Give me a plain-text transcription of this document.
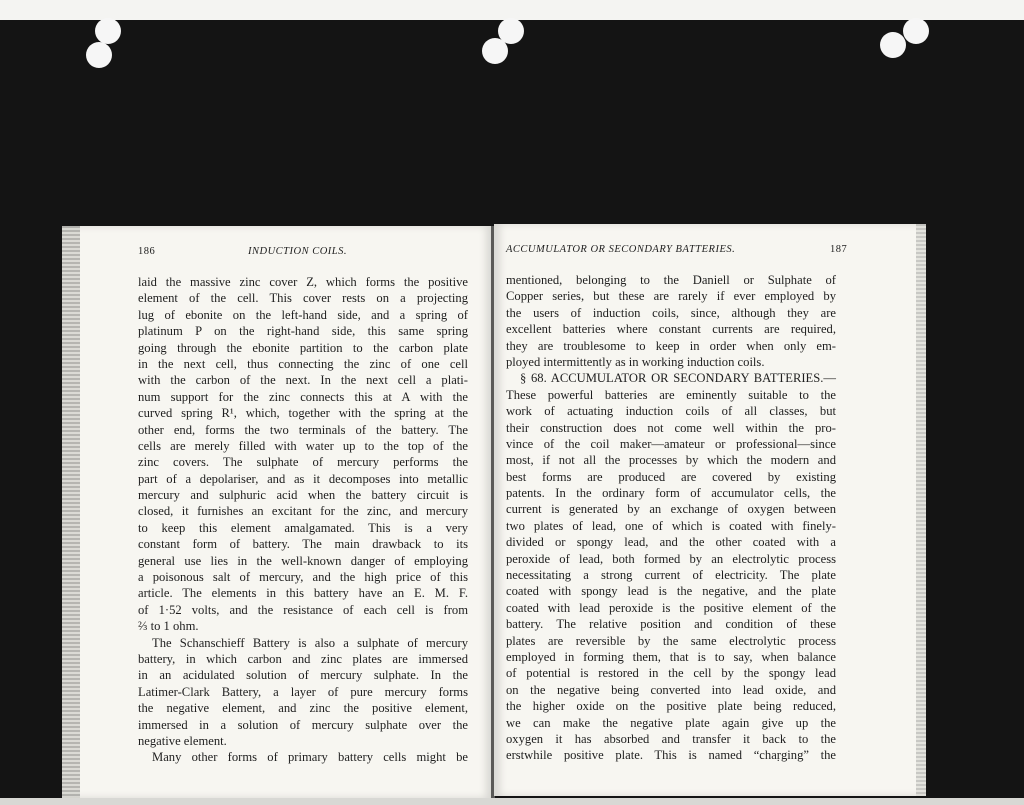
186	INDUCTION COILS.
laid the massive zinc cover Z, which forms the positive
element of the cell. This cover rests on a projecting
lug of ebonite on the left-hand side, and a spring of
platinum P on the right-hand side, this same spring
going through the ebonite partition to the carbon plate
in the next cell, thus connecting the zinc of one cell
with the carbon of the next. In the next cell a plati-
num support for the zinc connects this at A with the
curved spring R¹, which, together with the spring at the
other end, forms the two terminals of the battery. The
cells are merely filled with water up to the top of the
zinc covers. The sulphate of mercury performs the
part of a depolariser, and as it decomposes into metallic
mercury and sulphuric acid when the battery circuit is
closed, it furnishes an excitant for the zinc, and mercury
to keep this element amalgamated. This is a very
constant form of battery. The main drawback to its
general use lies in the well-known danger of employing
a poisonous salt of mercury, and the high price of this
article. The elements in this battery have an E. M. F.
of 1·52 volts, and the resistance of each cell is from
⅔ to 1 ohm.
The Schanschieff Battery is also a sulphate of mercury
battery, in which carbon and zinc plates are immersed
in an acidulated solution of mercury sulphate. In the
Latimer-Clark Battery, a layer of pure mercury forms
the negative element, and zinc the positive element,
immersed in a solution of mercury sulphate over the
negative element.
Many other forms of primary battery cells might be
ACCUMULATOR OR SECONDARY BATTERIES.	187
mentioned, belonging to the Daniell or Sulphate of
Copper series, but these are rarely if ever employed by
the users of induction coils, since, although they are
excellent batteries where constant currents are required,
they are troublesome to keep in order when only em-
ployed intermittently as in working induction coils.
§ 68. ACCUMULATOR OR SECONDARY BATTERIES.—
These powerful batteries are eminently suitable to the
work of actuating induction coils of all classes, but
their construction does not come well within the pro-
vince of the coil maker—amateur or professional—since
most, if not all the processes by which the modern and
best forms are produced are covered by existing
patents. In the ordinary form of accumulator cells, the
current is generated by an exchange of oxygen between
two plates of lead, one of which is coated with finely-
divided or spongy lead, and the other coated with a
peroxide of lead, both formed by an electrolytic process
necessitating a strong current of electricity. The plate
coated with spongy lead is the negative, and the plate
coated with lead peroxide is the positive element of the
battery. The relative position and condition of these
plates are reversible by the same electrolytic process
employed in forming them, that is to say, when balance
of potential is restored in the cell by the spongy lead
on the negative being converted into lead oxide, and
the higher oxide on the positive plate being reduced,
we can make the negative plate again give up the
oxygen it has absorbed and transfer it back to the
erstwhile positive plate. This is named “chaṛging” the
